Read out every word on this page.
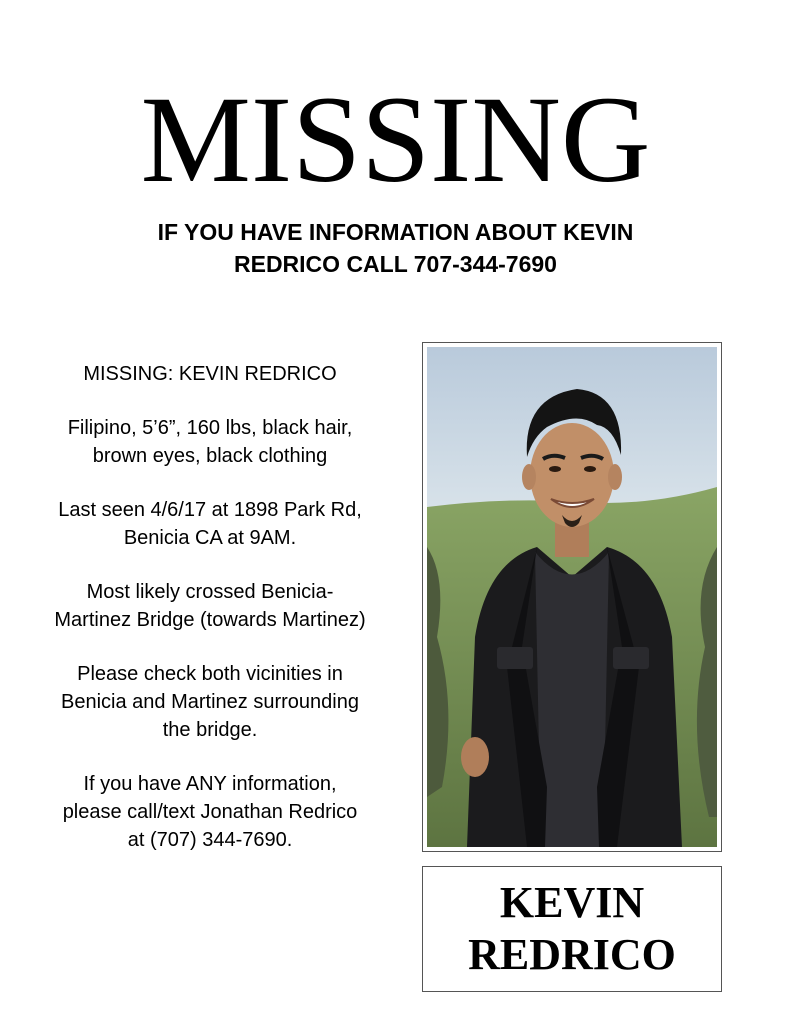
MISSING
IF YOU HAVE INFORMATION ABOUT KEVIN
REDRICO CALL 707-344-7690

MISSING: KEVIN REDRICO

Filipino, 5’6”, 160 lbs, black hair,
brown eyes, black clothing

Last seen 4/6/17 at 1898 Park Rd,
Benicia CA at 9AM.

Most likely crossed Benicia-
Martinez Bridge (towards Martinez)

Please check both vicinities in
Benicia and Martinez surrounding
the bridge.

If you have ANY information,
please call/text Jonathan Redrico
at (707) 344-7690.

KEVIN
REDRICO
